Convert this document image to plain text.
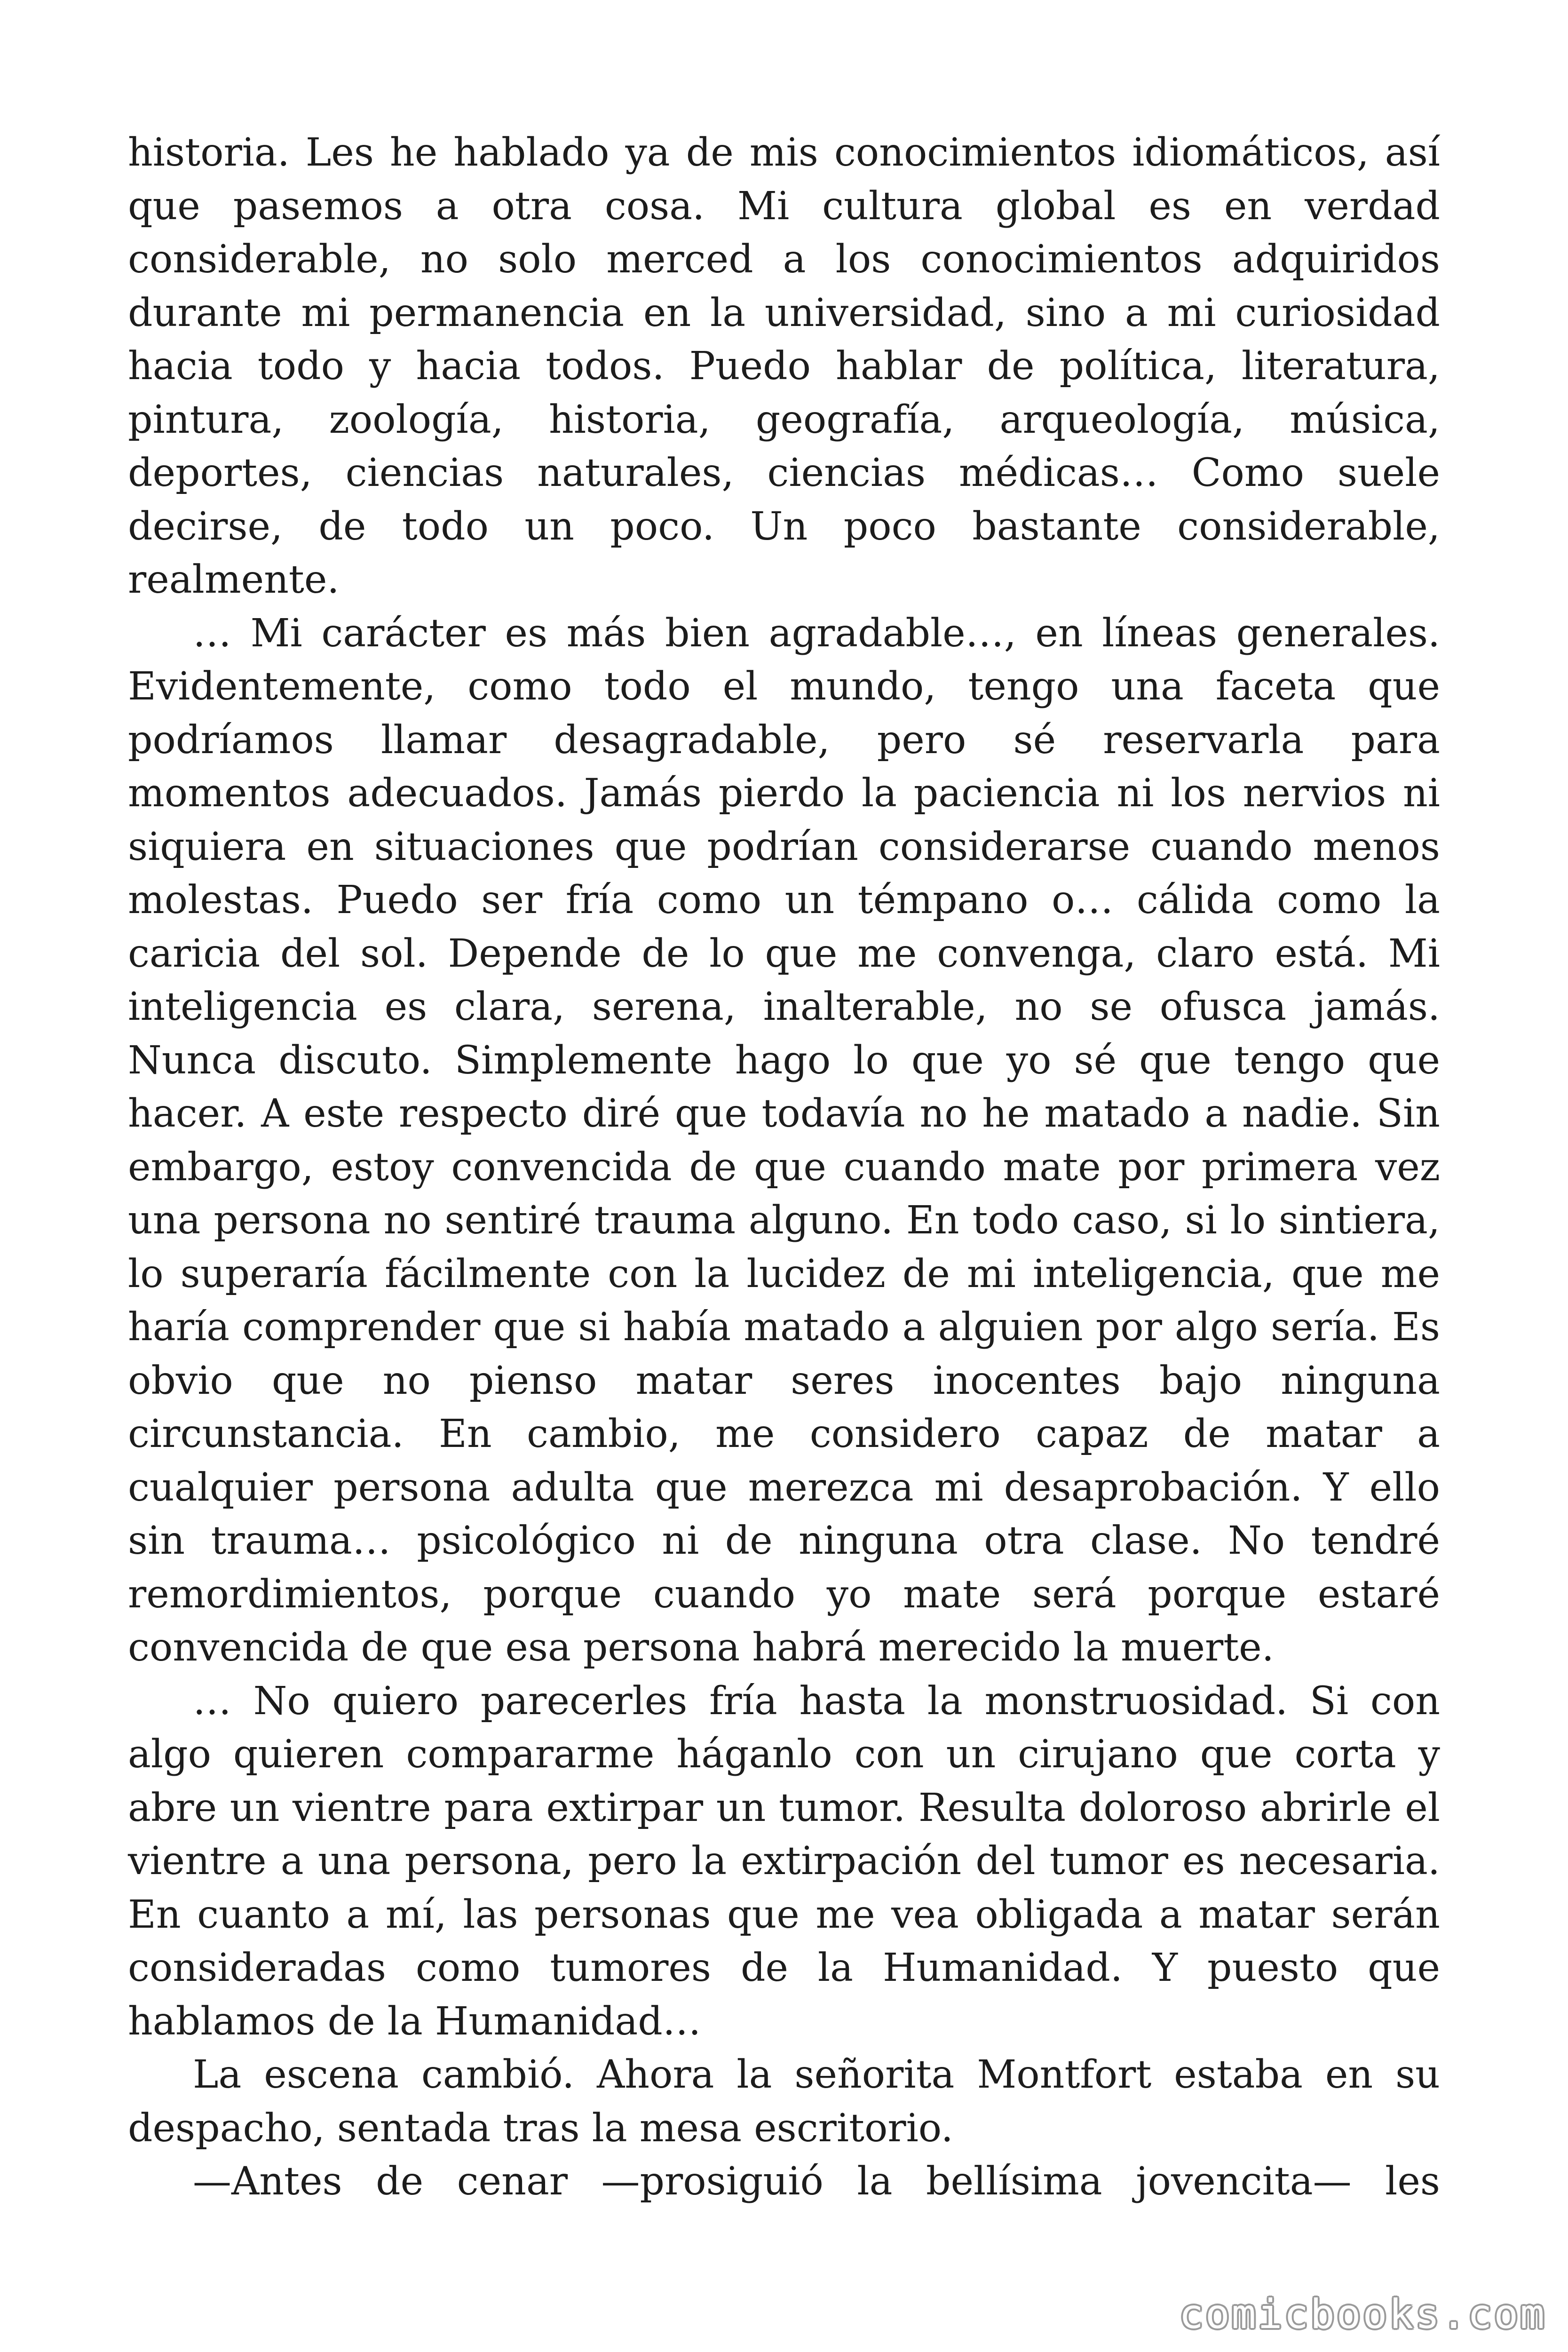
historia. Les he hablado ya de mis conocimientos idiomáticos, así que pasemos a otra cosa. Mi cultura global es en verdad considerable, no solo merced a los conocimientos adquiridos durante mi permanencia en la universidad, sino a mi curiosidad hacia todo y hacia todos. Puedo hablar de política, literatura, pintura, zoología, historia, geografía, arqueología, música, deportes, ciencias naturales, ciencias médicas… Como suele decirse, de todo un poco. Un poco bastante considerable, realmente.

… Mi carácter es más bien agradable…, en líneas generales. Evidentemente, como todo el mundo, tengo una faceta que podríamos llamar desagradable, pero sé reservarla para momentos adecuados. Jamás pierdo la paciencia ni los nervios ni siquiera en situaciones que podrían considerarse cuando menos molestas. Puedo ser fría como un témpano o… cálida como la caricia del sol. Depende de lo que me convenga, claro está. Mi inteligencia es clara, serena, inalterable, no se ofusca jamás. Nunca discuto. Simplemente hago lo que yo sé que tengo que hacer. A este respecto diré que todavía no he matado a nadie. Sin embargo, estoy convencida de que cuando mate por primera vez una persona no sentiré trauma alguno. En todo caso, si lo sintiera, lo superaría fácilmente con la lucidez de mi inteligencia, que me haría comprender que si había matado a alguien por algo sería. Es obvio que no pienso matar seres inocentes bajo ninguna circunstancia. En cambio, me considero capaz de matar a cualquier persona adulta que merezca mi desaprobación. Y ello sin trauma… psicológico ni de ninguna otra clase. No tendré remordimientos, porque cuando yo mate será porque estaré convencida de que esa persona habrá merecido la muerte.

… No quiero parecerles fría hasta la monstruosidad. Si con algo quieren compararme háganlo con un cirujano que corta y abre un vientre para extirpar un tumor. Resulta doloroso abrirle el vientre a una persona, pero la extirpación del tumor es necesaria. En cuanto a mí, las personas que me vea obligada a matar serán consideradas como tumores de la Humanidad. Y puesto que hablamos de la Humanidad…

La escena cambió. Ahora la señorita Montfort estaba en su despacho, sentada tras la mesa escritorio.

—Antes de cenar —prosiguió la bellísima jovencita— les

comicbooks.com
